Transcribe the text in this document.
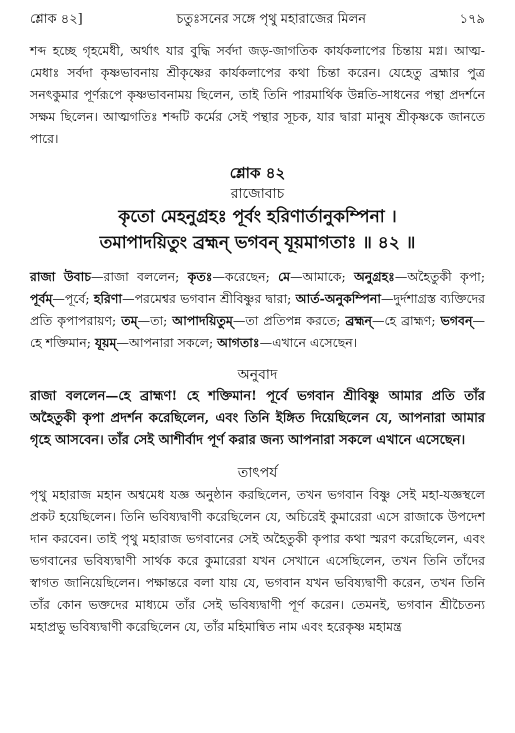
শ্লোক ৪২]	চতুঃসনের সঙ্গে পৃথু মহারাজের মিলন	১৭৯

শব্দ হচ্ছে গৃহমেধী, অর্থাৎ যার বুদ্ধি সর্বদা জড়-জাগতিক কার্যকলাপের চিন্তায় মগ্ন। আত্ম-মেধাঃ সর্বদা কৃষ্ণভাবনায় শ্রীকৃষ্ণের কার্যকলাপের কথা চিন্তা করেন। যেহেতু ব্রহ্মার পুত্র সনৎকুমার পূর্ণরূপে কৃষ্ণভাবনাময় ছিলেন, তাই তিনি পারমার্থিক উন্নতি-সাধনের পন্থা প্রদর্শনে সক্ষম ছিলেন। আত্মগতিঃ শব্দটি কর্মের সেই পন্থার সূচক, যার দ্বারা মানুষ শ্রীকৃষ্ণকে জানতে পারে।

শ্লোক ৪২
রাজোবাচ
কৃতো মেহনুগ্রহঃ পূর্বং হরিণার্তানুকম্পিনা ।
তমাপাদয়িতুং ব্রহ্মন্ ভগবন্ যূয়মাগতাঃ ॥ ৪২ ॥
রাজা উবাচ—রাজা বললেন; কৃতঃ—করেছেন; মে—আমাকে; অনুগ্রহঃ—অহৈতুকী কৃপা; পূর্বম্—পূর্বে; হরিণা—পরমেশ্বর ভগবান শ্রীবিষ্ণুর দ্বারা; আর্ত-অনুকম্পিনা—দুর্দশাগ্রস্ত ব্যক্তিদের প্রতি কৃপাপরায়ণ; তম্—তা; আপাদয়িতুম্—তা প্রতিপন্ন করতে; ব্রহ্মন্—হে ব্রাহ্মণ; ভগবন্—হে শক্তিমান; যূয়ম্—আপনারা সকলে; আগতাঃ—এখানে এসেছেন।
অনুবাদ

রাজা বললেন—হে ব্রাহ্মণ! হে শক্তিমান! পূর্বে ভগবান শ্রীবিষ্ণু আমার প্রতি তাঁর অহৈতুকী কৃপা প্রদর্শন করেছিলেন, এবং তিনি ইঙ্গিত দিয়েছিলেন যে, আপনারা আমার গৃহে আসবেন। তাঁর সেই আশীর্বাদ পূর্ণ করার জন্য আপনারা সকলে এখানে এসেছেন।

তাৎপর্য

পৃথু মহারাজ মহান অশ্বমেধ যজ্ঞ অনুষ্ঠান করছিলেন, তখন ভগবান বিষ্ণু সেই মহা-যজ্ঞস্থলে প্রকট হয়েছিলেন। তিনি ভবিষ্যদ্বাণী করেছিলেন যে, অচিরেই কুমারেরা এসে রাজাকে উপদেশ দান করবেন। তাই পৃথু মহারাজ ভগবানের সেই অহৈতুকী কৃপার কথা স্মরণ করেছিলেন, এবং ভগবানের ভবিষ্যদ্বাণী সার্থক করে কুমারেরা যখন সেখানে এসেছিলেন, তখন তিনি তাঁদের স্বাগত জানিয়েছিলেন। পক্ষান্তরে বলা যায় যে, ভগবান যখন ভবিষ্যদ্বাণী করেন, তখন তিনি তাঁর কোন ভক্তদের মাধ্যমে তাঁর সেই ভবিষ্যদ্বাণী পূর্ণ করেন। তেমনই, ভগবান শ্রীচৈতন্য মহাপ্রভু ভবিষ্যদ্বাণী করেছিলেন যে, তাঁর মহিমান্বিত নাম এবং হরেকৃষ্ণ মহামন্ত্র
